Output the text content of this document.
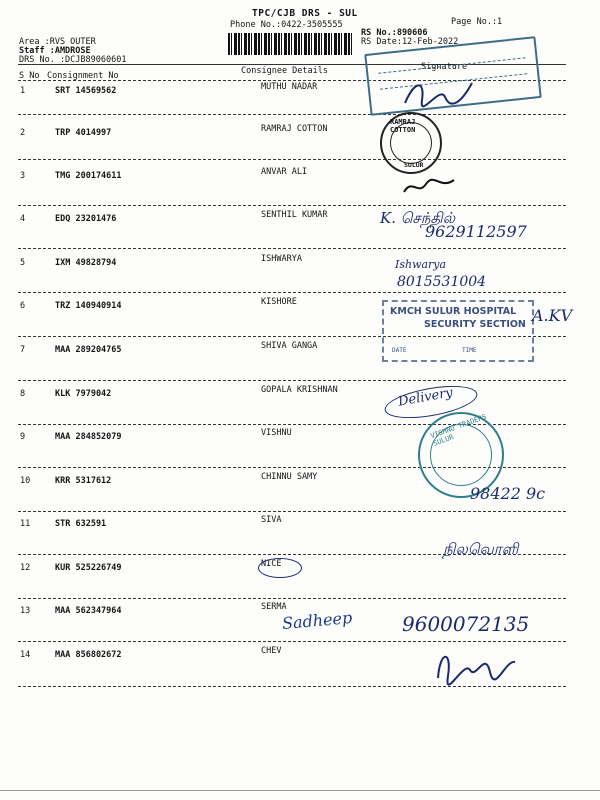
TPC/CJB DRS - SUL
Phone No.:0422-3505555	Page No.:1
Area :RVS OUTER
Staff :AMDROSE
DRS No. :DCJB89060601
RS No.:890606
RS Date:12-Feb-2022
Consignee Details	Signature
S No Consignment No
1	SRT 14569562	MUTHU NADAR
2	TRP 4014997	RAMRAJ COTTON
3	TMG 200174611	ANVAR ALI
4	EDQ 23201476	SENTHIL KUMAR
5	IXM 49828794	ISHWARYA
6	TRZ 140940914	KISHORE
7	MAA 289204765	SHIVA GANGA
8	KLK 7979042	GOPALA KRISHNAN
9	MAA 284852079	VISHNU
10	KRR 5317612	CHINNU SAMY
11	STR 632591	SIVA
12	KUR 525226749	NICE
13	MAA 562347964	SERMA
14	MAA 856802672	CHEV
RAMRAJ COTTON
SULUR
KMCH SULUR HOSPITAL
SECURITY SECTION
DATE	TIME
VISHNU TRADERS SULUR
K. செந்தில்
9629112597
Ishwarya
8015531004
A.KV
Delivery
98422 9c
நிலவொளி
Sadheep 9600072135
